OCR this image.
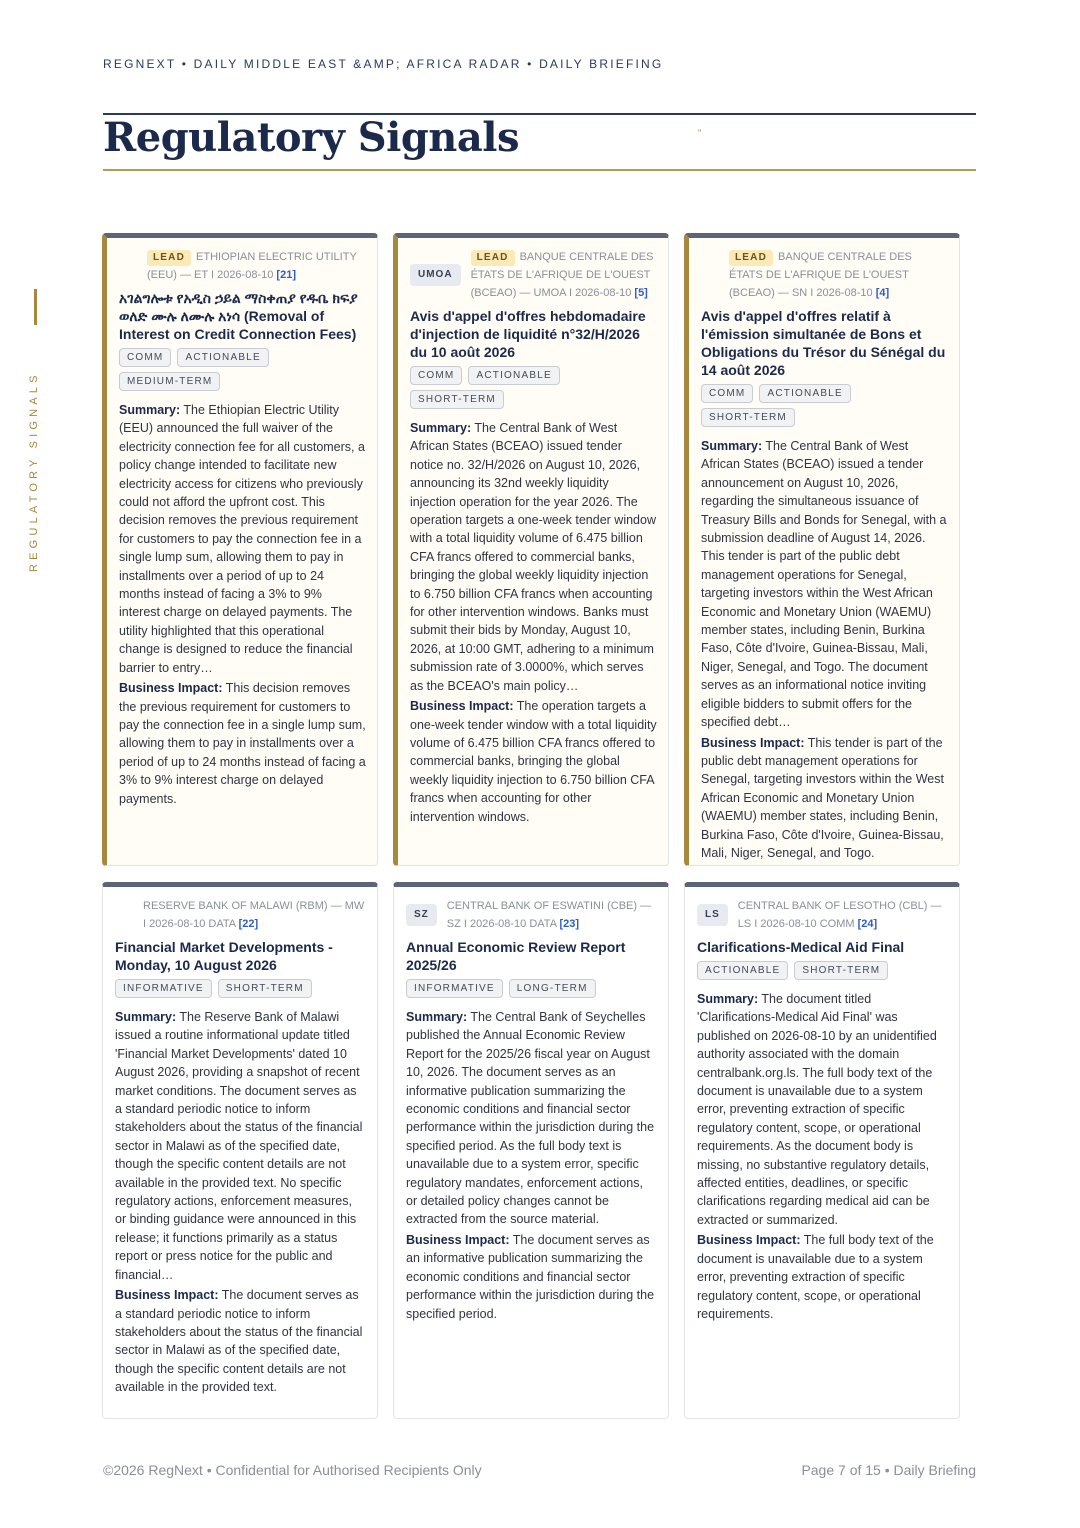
REGNEXT • DAILY MIDDLE EAST &AMP; AFRICA RADAR • DAILY BRIEFING
Regulatory Signals	"
REGULATORY SIGNALS
LEAD ETHIOPIAN ELECTRIC UTILITY (EEU) — ET I 2026-08-10 [21]
አገልግሎቱ የአዲስ ኃይል ማስቀጠያ የዱቤ ክፍያ ወለድ ሙሉ ለሙሉ አነሳ (Removal of Interest on Credit Connection Fees)
COMM ACTIONABLEMEDIUM-TERM

Summary: The Ethiopian Electric Utility (EEU) announced the full waiver of the electricity connection fee for all customers, a policy change intended to facilitate new electricity access for citizens who previously could not afford the upfront cost. This decision removes the previous requirement for customers to pay the connection fee in a single lump sum, allowing them to pay in installments over a period of up to 24 months instead of facing a 3% to 9% interest charge on delayed payments. The utility highlighted that this operational change is designed to reduce the financial barrier to entry…

Business Impact: This decision removes the previous requirement for customers to pay the connection fee in a single lump sum, allowing them to pay in installments over a period of up to 24 months instead of facing a 3% to 9% interest charge on delayed payments.

UMOA
LEAD BANQUE CENTRALE DES ÉTATS DE L'AFRIQUE DE L'OUEST (BCEAO) — UMOA I 2026-08-10 [5]
Avis d'appel d'offres hebdomadaire d'injection de liquidité n°32/H/2026 du 10 août 2026
COMM ACTIONABLESHORT-TERM

Summary: The Central Bank of West African States (BCEAO) issued tender notice no. 32/H/2026 on August 10, 2026, announcing its 32nd weekly liquidity injection operation for the year 2026. The operation targets a one-week tender window with a total liquidity volume of 6.475 billion CFA francs offered to commercial banks, bringing the global weekly liquidity injection to 6.750 billion CFA francs when accounting for other intervention windows. Banks must submit their bids by Monday, August 10, 2026, at 10:00 GMT, adhering to a minimum submission rate of 3.0000%, which serves as the BCEAO's main policy…

Business Impact: The operation targets a one-week tender window with a total liquidity volume of 6.475 billion CFA francs offered to commercial banks, bringing the global weekly liquidity injection to 6.750 billion CFA francs when accounting for other intervention windows.

LEAD BANQUE CENTRALE DES ÉTATS DE L'AFRIQUE DE L'OUEST (BCEAO) — SN I 2026-08-10 [4]
Avis d'appel d'offres relatif à l'émission simultanée de Bons et Obligations du Trésor du Sénégal du 14 août 2026
COMM ACTIONABLESHORT-TERM

Summary: The Central Bank of West African States (BCEAO) issued a tender announcement on August 10, 2026, regarding the simultaneous issuance of Treasury Bills and Bonds for Senegal, with a submission deadline of August 14, 2026. This tender is part of the public debt management operations for Senegal, targeting investors within the West African Economic and Monetary Union (WAEMU) member states, including Benin, Burkina Faso, Côte d'Ivoire, Guinea-Bissau, Mali, Niger, Senegal, and Togo. The document serves as an informational notice inviting eligible bidders to submit offers for the specified debt…

Business Impact: This tender is part of the public debt management operations for Senegal, targeting investors within the West African Economic and Monetary Union (WAEMU) member states, including Benin, Burkina Faso, Côte d'Ivoire, Guinea-Bissau, Mali, Niger, Senegal, and Togo.

RESERVE BANK OF MALAWI (RBM) — MW I 2026-08-10 DATA [22]
Financial Market Developments - Monday, 10 August 2026
INFORMATIVE SHORT-TERM

Summary: The Reserve Bank of Malawi issued a routine informational update titled 'Financial Market Developments' dated 10 August 2026, providing a snapshot of recent market conditions. The document serves as a standard periodic notice to inform stakeholders about the status of the financial sector in Malawi as of the specified date, though the specific content details are not available in the provided text. No specific regulatory actions, enforcement measures, or binding guidance were announced in this release; it functions primarily as a status report or press notice for the public and financial…

Business Impact: The document serves as a standard periodic notice to inform stakeholders about the status of the financial sector in Malawi as of the specified date, though the specific content details are not available in the provided text.

SZ
CENTRAL BANK OF ESWATINI (CBE) — SZ I 2026-08-10 DATA [23]
Annual Economic Review Report 2025/26
INFORMATIVE LONG-TERM

Summary: The Central Bank of Seychelles published the Annual Economic Review Report for the 2025/26 fiscal year on August 10, 2026. The document serves as an informative publication summarizing the economic conditions and financial sector performance within the jurisdiction during the specified period. As the full body text is unavailable due to a system error, specific regulatory mandates, enforcement actions, or detailed policy changes cannot be extracted from the source material.

Business Impact: The document serves as an informative publication summarizing the economic conditions and financial sector performance within the jurisdiction during the specified period.

LS
CENTRAL BANK OF LESOTHO (CBL) — LS I 2026-08-10 COMM [24]
Clarifications-Medical Aid Final
ACTIONABLE SHORT-TERM

Summary: The document titled 'Clarifications-Medical Aid Final' was published on 2026-08-10 by an unidentified authority associated with the domain centralbank.org.ls. The full body text of the document is unavailable due to a system error, preventing extraction of specific regulatory content, scope, or operational requirements. As the document body is missing, no substantive regulatory details, affected entities, deadlines, or specific clarifications regarding medical aid can be extracted or summarized.

Business Impact: The full body text of the document is unavailable due to a system error, preventing extraction of specific regulatory content, scope, or operational requirements.

©2026 RegNext • Confidential for Authorised Recipients Only	Page 7 of 15 • Daily Briefing
